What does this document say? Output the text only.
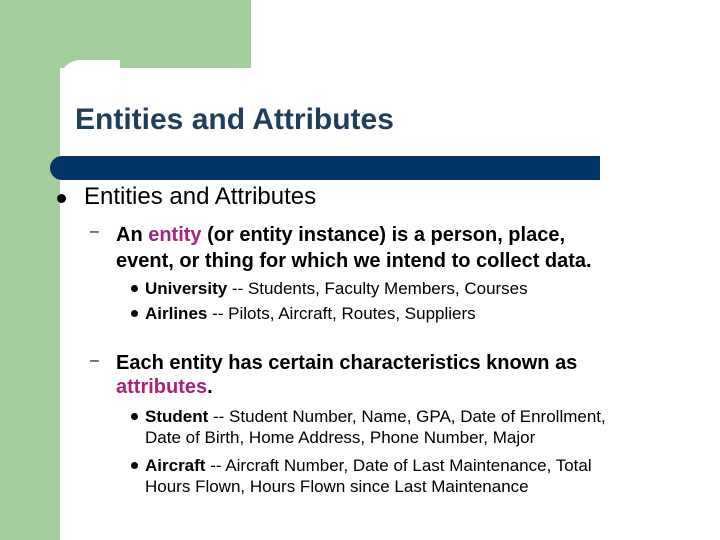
Entities and Attributes
Entities and Attributes
– An entity (or entity instance) is a person, place,
event, or thing for which we intend to collect data.
University -- Students, Faculty Members, Courses
Airlines -- Pilots, Aircraft, Routes, Suppliers
– Each entity has certain characteristics known as
attributes.
Student -- Student Number, Name, GPA, Date of Enrollment,
Date of Birth, Home Address, Phone Number, Major
Aircraft -- Aircraft Number, Date of Last Maintenance, Total
Hours Flown, Hours Flown since Last Maintenance
